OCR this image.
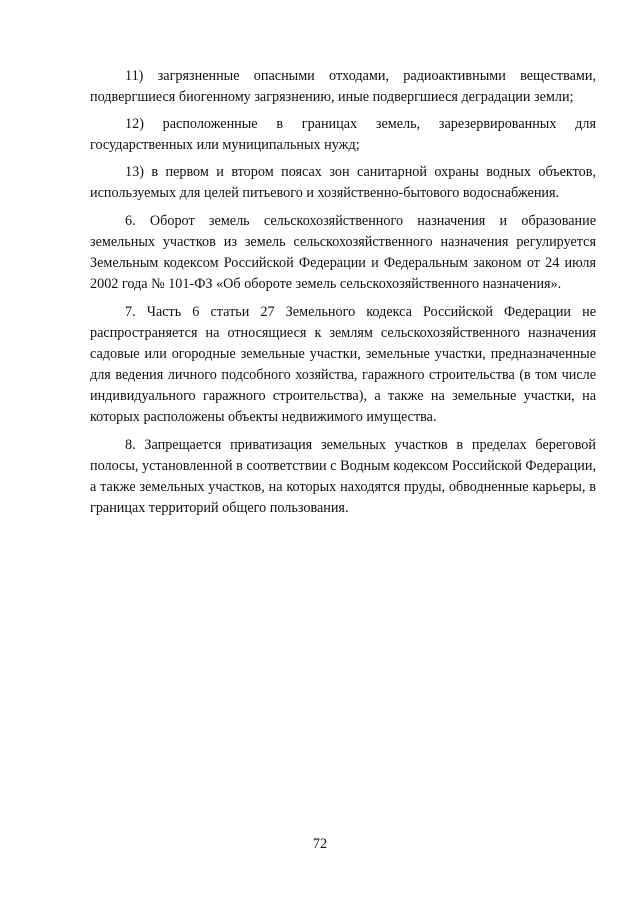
11) загрязненные опасными отходами, радиоактивными веществами, подвергшиеся биогенному загрязнению, иные подвергшиеся деградации земли;

12) расположенные в границах земель, зарезервированных для государственных или муниципальных нужд;

13) в первом и втором поясах зон санитарной охраны водных объектов, используемых для целей питьевого и хозяйственно-бытового водоснабжения.

6. Оборот земель сельскохозяйственного назначения и образование земельных участков из земель сельскохозяйственного назначения регулируется Земельным кодексом Российской Федерации и Федеральным законом от 24 июля 2002 года № 101-ФЗ «Об обороте земель сельскохозяйственного назначения».

7. Часть 6 статьи 27 Земельного кодекса Российской Федерации не распространяется на относящиеся к землям сельскохозяйственного назначения садовые или огородные земельные участки, земельные участки, предназначенные для ведения личного подсобного хозяйства, гаражного строительства (в том числе индивидуального гаражного строительства), а также на земельные участки, на которых расположены объекты недвижимого имущества.

8. Запрещается приватизация земельных участков в пределах береговой полосы, установленной в соответствии с Водным кодексом Российской Федерации, а также земельных участков, на которых находятся пруды, обводненные карьеры, в границах территорий общего пользования.

72
